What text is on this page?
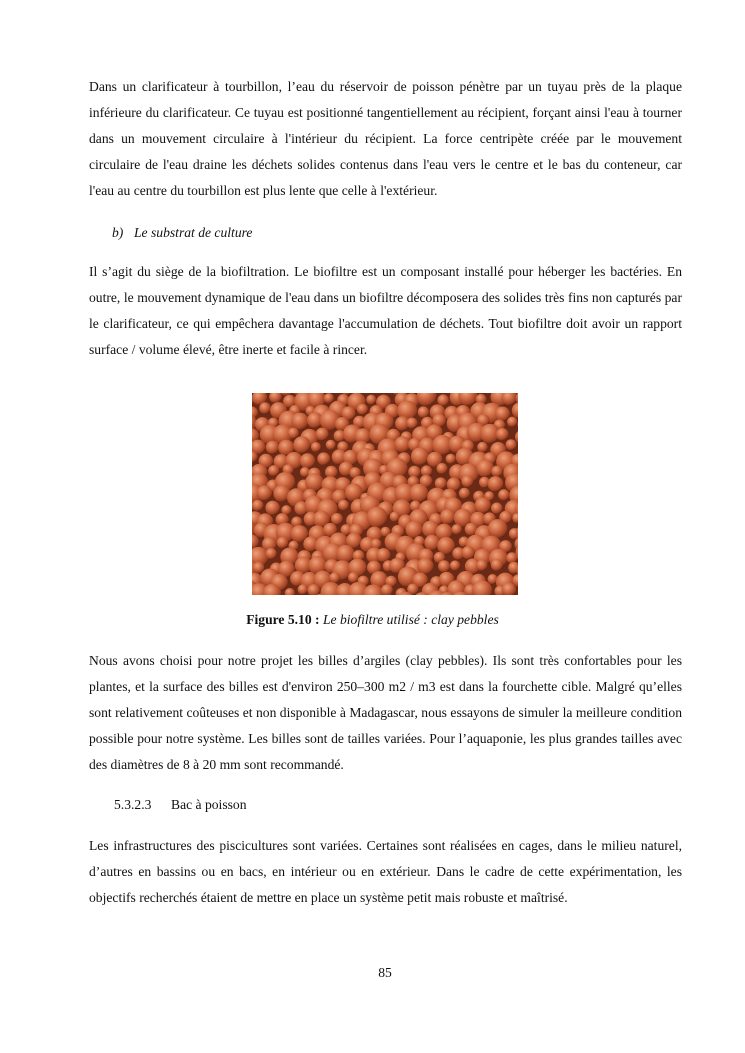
Dans un clarificateur à tourbillon, l’eau du réservoir de poisson pénètre par un tuyau près de la plaque inférieure du clarificateur. Ce tuyau est positionné tangentiellement au récipient, forçant ainsi l'eau à tourner dans un mouvement circulaire à l'intérieur du récipient. La force centripète créée par le mouvement circulaire de l'eau draine les déchets solides contenus dans l'eau vers le centre et le bas du conteneur, car l'eau au centre du tourbillon est plus lente que celle à l'extérieur.

b) Le substrat de culture

Il s’agit du siège de la biofiltration. Le biofiltre est un composant installé pour héberger les bactéries. En outre, le mouvement dynamique de l'eau dans un biofiltre décomposera des solides très fins non capturés par le clarificateur, ce qui empêchera davantage l'accumulation de déchets. Tout biofiltre doit avoir un rapport surface / volume élevé, être inerte et facile à rincer.

Figure 5.10 : Le biofiltre utilisé : clay pebbles

Nous avons choisi pour notre projet les billes d’argiles (clay pebbles). Ils sont très confortables pour les plantes, et la surface des billes est d'environ 250–300 m2 / m3 est dans la fourchette cible. Malgré qu’elles sont relativement coûteuses et non disponible à Madagascar, nous essayons de simuler la meilleure condition possible pour notre système. Les billes sont de tailles variées. Pour l’aquaponie, les plus grandes tailles avec des diamètres de 8 à 20 mm sont recommandé.

5.3.2.3 Bac à poisson

Les infrastructures des piscicultures sont variées. Certaines sont réalisées en cages, dans le milieu naturel, d’autres en bassins ou en bacs, en intérieur ou en extérieur. Dans le cadre de cette expérimentation, les objectifs recherchés étaient de mettre en place un système petit mais robuste et maîtrisé.

85
